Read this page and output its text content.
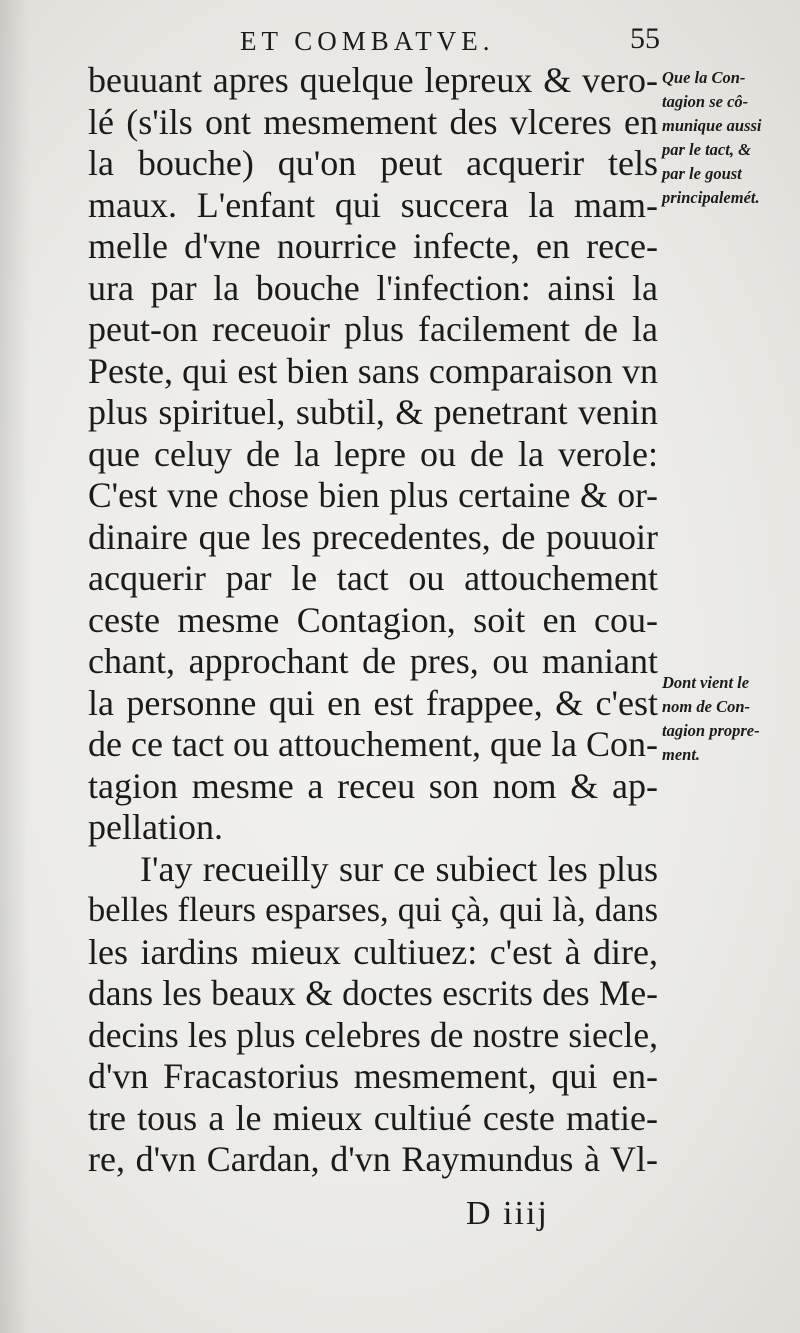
ET COMBATVE.	55
beuuant apres quelque lepreux & vero-
lé (s'ils ont mesmement des vlceres en
la bouche) qu'on peut acquerir tels
maux. L'enfant qui succera la mam-
melle d'vne nourrice infecte, en rece-
ura par la bouche l'infection: ainsi la
peut-on receuoir plus facilement de la
Peste, qui est bien sans comparaison vn
plus spirituel, subtil, & penetrant venin
que celuy de la lepre ou de la verole:
C'est vne chose bien plus certaine & or-
dinaire que les precedentes, de pouuoir
acquerir par le tact ou attouchement
ceste mesme Contagion, soit en cou-
chant, approchant de pres, ou maniant
la personne qui en est frappee, & c'est
de ce tact ou attouchement, que la Con-
tagion mesme a receu son nom & ap-
pellation.
I'ay recueilly sur ce subiect les plus
belles fleurs esparses, qui çà, qui là, dans
les iardins mieux cultiuez: c'est à dire,
dans les beaux & doctes escrits des Me-
decins les plus celebres de nostre siecle,
d'vn Fracastorius mesmement, qui en-
tre tous a le mieux cultiué ceste matie-
re, d'vn Cardan, d'vn Raymundus à Vl-
Que la Con-
tagion se cô-
munique aussi
par le tact, &
par le goust
principalemét.
Dont vient le
nom de Con-
tagion propre-
ment.
D iiij
